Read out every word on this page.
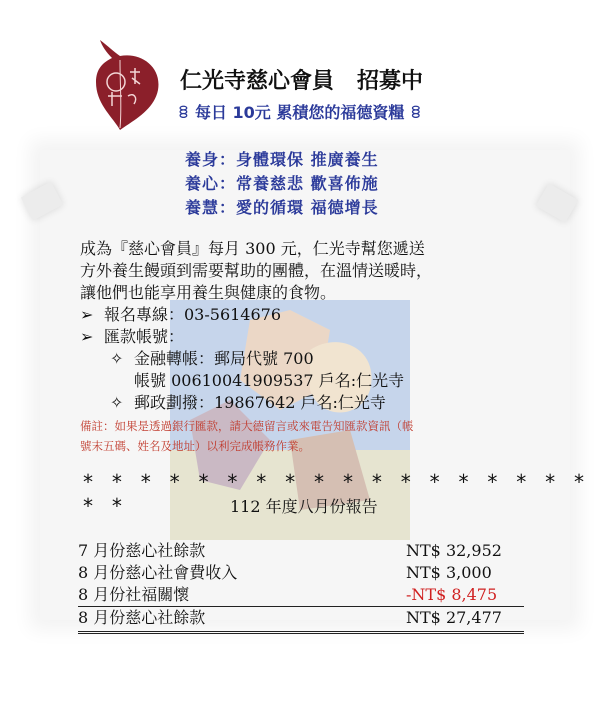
仁光寺慈心會員   招募中
ꊞ 每日 10元 累積您的福德資糧 ꊞ
養身：身體環保 推廣養生
養心：常養慈悲 歡喜佈施
養慧：愛的循環 福德增長

成為『慈心會員』每月 300 元，仁光寺幫您遞送

方外養生饅頭到需要幫助的團體，在溫情送暖時，

讓他們也能享用養生與健康的食物。

➢ 報名專線：03-5614676
➢ 匯款帳號：
✧ 金融轉帳：郵局代號 700
帳號 00610041909537 戶名:仁光寺
✧ 郵政劃撥：19867642 戶名:仁光寺
備註：如果是透過銀行匯款，請大德留言或來電告知匯款資訊（帳
號末五碼、姓名及地址）以利完成帳務作業。
* * * * * * * * * * * * * * * * * * * *	112 年度八月份報告
7 月份慈心社餘款	NT$ 32,952
8 月份慈心社會費收入	NT$ 3,000
8 月份社福關懷	-NT$ 8,475
8 月份慈心社餘款	NT$ 27,477
